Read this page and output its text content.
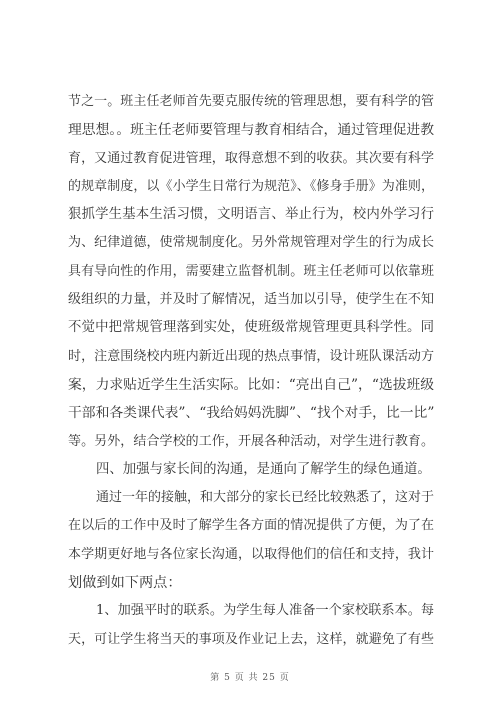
节之一。班主任老师首先要克服传统的管理思想，要有科学的管
理思想。。班主任老师要管理与教育相结合，通过管理促进教
育，又通过教育促进管理，取得意想不到的收获。其次要有科学
的规章制度，以《小学生日常行为规范》、《修身手册》为准则，
狠抓学生基本生活习惯，文明语言、举止行为，校内外学习行
为、纪律道德，使常规制度化。另外常规管理对学生的行为成长
具有导向性的作用，需要建立监督机制。班主任老师可以依靠班
级组织的力量，并及时了解情况，适当加以引导，使学生在不知
不觉中把常规管理落到实处，使班级常规管理更具科学性。同
时，注意围绕校内班内新近出现的热点事情，设计班队课活动方
案，力求贴近学生生活实际。比如：“亮出自己”，“选拔班级
干部和各类课代表”、“我给妈妈洗脚”、“找个对手，比一比”
等。另外，结合学校的工作，开展各种活动，对学生进行教育。
四、加强与家长间的沟通，是通向了解学生的绿色通道。
通过一年的接触，和大部分的家长已经比较熟悉了，这对于
在以后的工作中及时了解学生各方面的情况提供了方便，为了在
本学期更好地与各位家长沟通，以取得他们的信任和支持，我计
划做到如下两点：
1、加强平时的联系。为学生每人准备一个家校联系本。每
天，可让学生将当天的事项及作业记上去，这样，就避免了有些
第 5 页 共 25 页
